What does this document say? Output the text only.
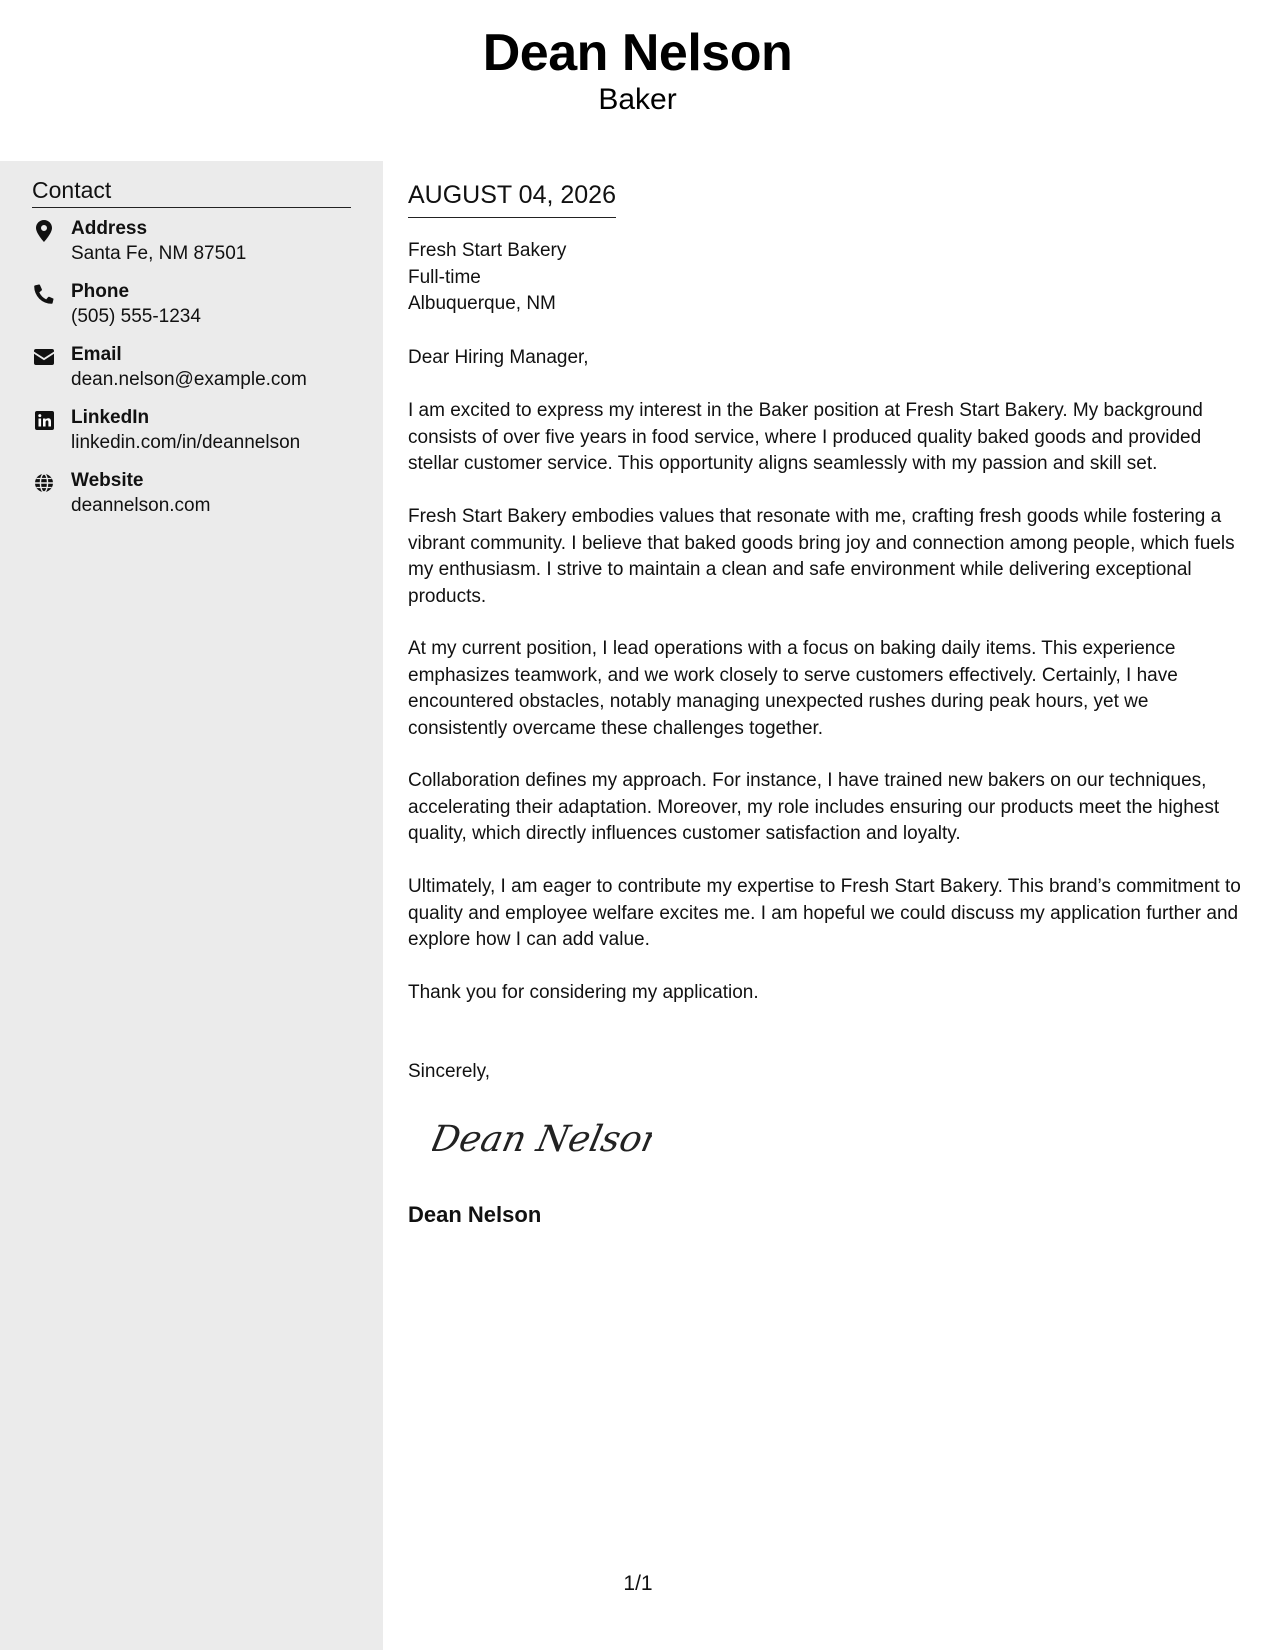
Dean Nelson
Baker
Contact
Address
Santa Fe, NM 87501
Phone
(505) 555-1234
Email
dean.nelson@example.com
LinkedIn
linkedin.com/in/deannelson
Website
deannelson.com
AUGUST 04, 2026
Fresh Start Bakery
Full-time
Albuquerque, NM
Dear Hiring Manager,
I am excited to express my interest in the Baker position at Fresh Start Bakery. My background consists of over five years in food service, where I produced quality baked goods and provided stellar customer service. This opportunity aligns seamlessly with my passion and skill set.
Fresh Start Bakery embodies values that resonate with me, crafting fresh goods while fostering a vibrant community. I believe that baked goods bring joy and connection among people, which fuels my enthusiasm. I strive to maintain a clean and safe environment while delivering exceptional products.
At my current position, I lead operations with a focus on baking daily items. This experience emphasizes teamwork, and we work closely to serve customers effectively. Certainly, I have encountered obstacles, notably managing unexpected rushes during peak hours, yet we consistently overcame these challenges together.
Collaboration defines my approach. For instance, I have trained new bakers on our techniques, accelerating their adaptation. Moreover, my role includes ensuring our products meet the highest quality, which directly influences customer satisfaction and loyalty.
Ultimately, I am eager to contribute my expertise to Fresh Start Bakery. This brand’s commitment to quality and employee welfare excites me. I am hopeful we could discuss my application further and explore how I can add value.
Thank you for considering my application.
Sincerely,
Dean Nelson
Dean Nelson
1/1
